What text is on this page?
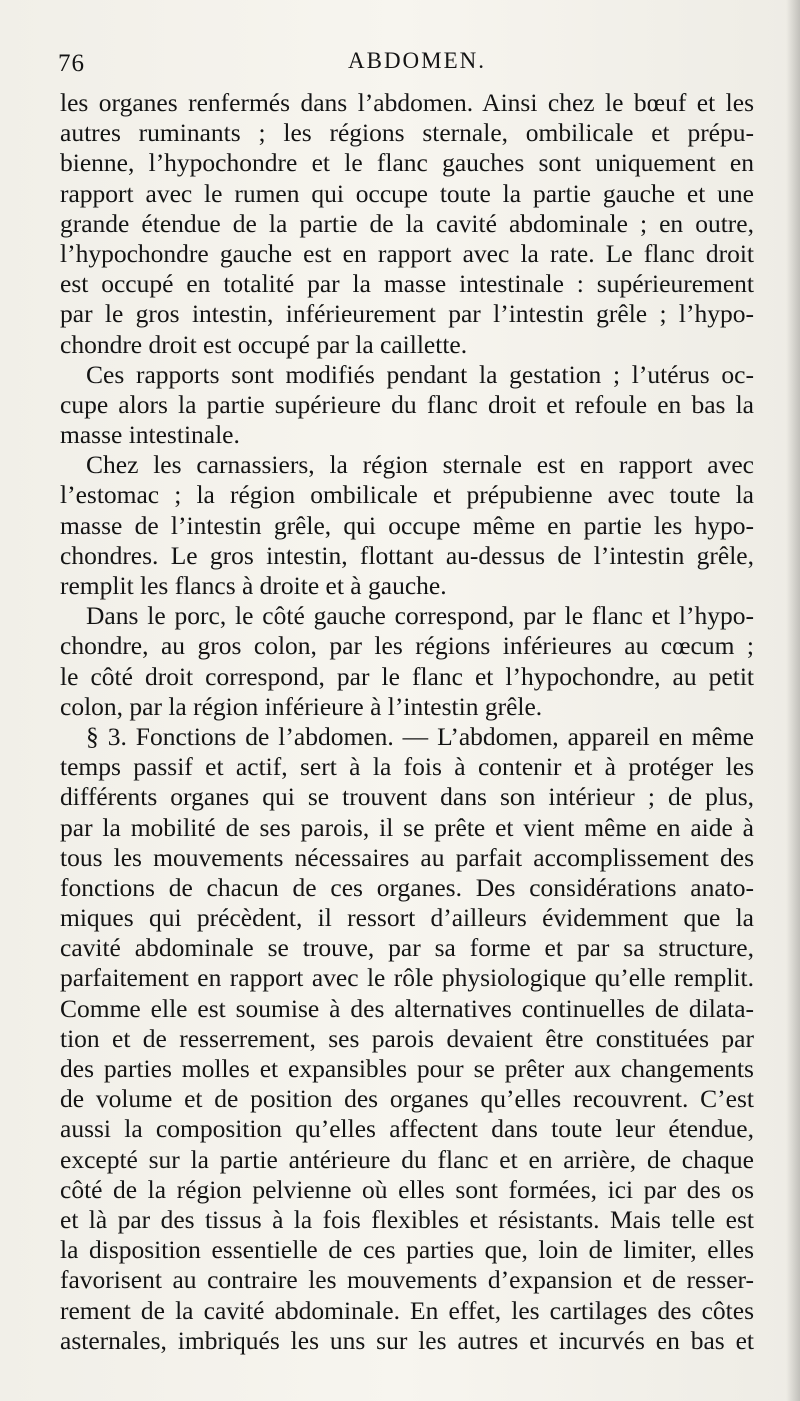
76	ABDOMEN.
les organes renfermés dans l’abdomen. Ainsi chez le bœuf et les
autres ruminants ; les régions sternale, ombilicale et prépu-
bienne, l’hypochondre et le flanc gauches sont uniquement en
rapport avec le rumen qui occupe toute la partie gauche et une
grande étendue de la partie de la cavité abdominale ; en outre,
l’hypochondre gauche est en rapport avec la rate. Le flanc droit
est occupé en totalité par la masse intestinale : supérieurement
par le gros intestin, inférieurement par l’intestin grêle ; l’hypo-
chondre droit est occupé par la caillette.
Ces rapports sont modifiés pendant la gestation ; l’utérus oc-
cupe alors la partie supérieure du flanc droit et refoule en bas la
masse intestinale.
Chez les carnassiers, la région sternale est en rapport avec
l’estomac ; la région ombilicale et prépubienne avec toute la
masse de l’intestin grêle, qui occupe même en partie les hypo-
chondres. Le gros intestin, flottant au-dessus de l’intestin grêle,
remplit les flancs à droite et à gauche.
Dans le porc, le côté gauche correspond, par le flanc et l’hypo-
chondre, au gros colon, par les régions inférieures au cœcum ;
le côté droit correspond, par le flanc et l’hypochondre, au petit
colon, par la région inférieure à l’intestin grêle.
§ 3. Fonctions de l’abdomen. — L’abdomen, appareil en même
temps passif et actif, sert à la fois à contenir et à protéger les
différents organes qui se trouvent dans son intérieur ; de plus,
par la mobilité de ses parois, il se prête et vient même en aide à
tous les mouvements nécessaires au parfait accomplissement des
fonctions de chacun de ces organes. Des considérations anato-
miques qui précèdent, il ressort d’ailleurs évidemment que la
cavité abdominale se trouve, par sa forme et par sa structure,
parfaitement en rapport avec le rôle physiologique qu’elle remplit.
Comme elle est soumise à des alternatives continuelles de dilata-
tion et de resserrement, ses parois devaient être constituées par
des parties molles et expansibles pour se prêter aux changements
de volume et de position des organes qu’elles recouvrent. C’est
aussi la composition qu’elles affectent dans toute leur étendue,
excepté sur la partie antérieure du flanc et en arrière, de chaque
côté de la région pelvienne où elles sont formées, ici par des os
et là par des tissus à la fois flexibles et résistants. Mais telle est
la disposition essentielle de ces parties que, loin de limiter, elles
favorisent au contraire les mouvements d’expansion et de resser-
rement de la cavité abdominale. En effet, les cartilages des côtes
asternales, imbriqués les uns sur les autres et incurvés en bas et
